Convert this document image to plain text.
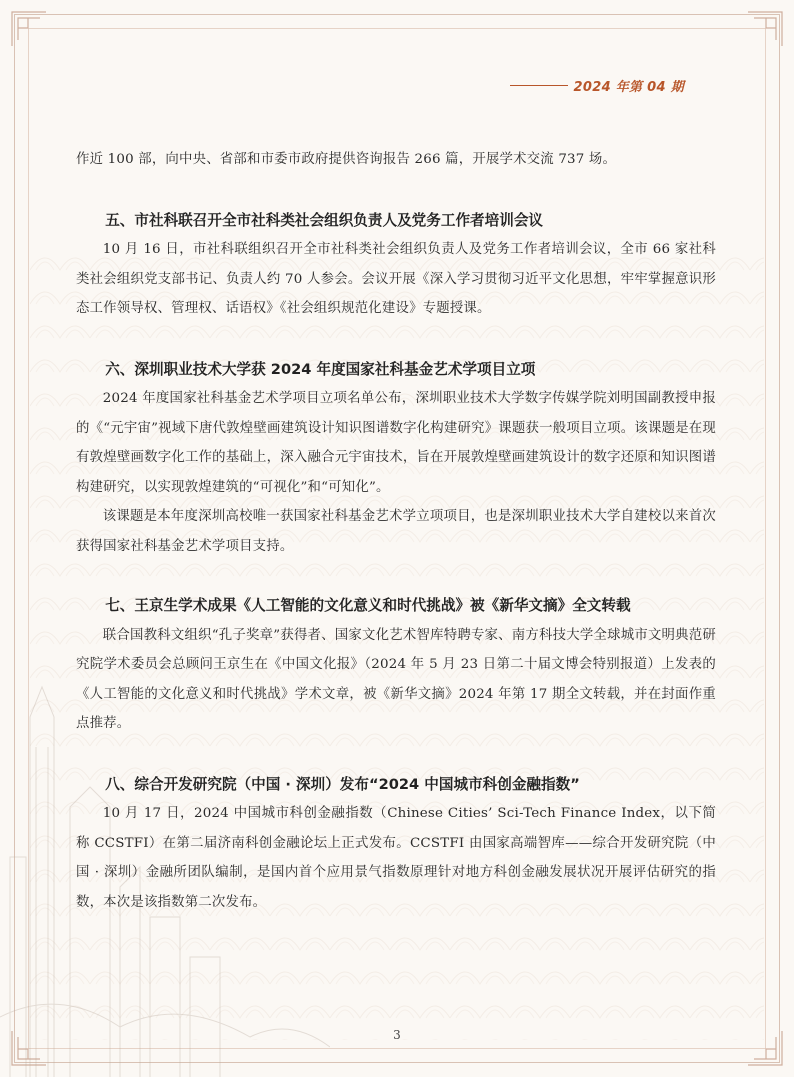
2024 年第 04 期

作近 100 部，向中央、省部和市委市政府提供咨询报告 266 篇，开展学术交流 737 场。

五、市社科联召开全市社科类社会组织负责人及党务工作者培训会议

10 月 16 日，市社科联组织召开全市社科类社会组织负责人及党务工作者培训会议，全市 66 家社科类社会组织党支部书记、负责人约 70 人参会。会议开展《深入学习贯彻习近平文化思想，牢牢掌握意识形态工作领导权、管理权、话语权》《社会组织规范化建设》专题授课。

六、深圳职业技术大学获 2024 年度国家社科基金艺术学项目立项

2024 年度国家社科基金艺术学项目立项名单公布，深圳职业技术大学数字传媒学院刘明国副教授申报的《“元宇宙”视域下唐代敦煌壁画建筑设计知识图谱数字化构建研究》课题获一般项目立项。该课题是在现有敦煌壁画数字化工作的基础上，深入融合元宇宙技术，旨在开展敦煌壁画建筑设计的数字还原和知识图谱构建研究，以实现敦煌建筑的“可视化”和“可知化”。

该课题是本年度深圳高校唯一获国家社科基金艺术学立项项目，也是深圳职业技术大学自建校以来首次获得国家社科基金艺术学项目支持。

七、王京生学术成果《人工智能的文化意义和时代挑战》被《新华文摘》全文转载

联合国教科文组织“孔子奖章”获得者、国家文化艺术智库特聘专家、南方科技大学全球城市文明典范研究院学术委员会总顾问王京生在《中国文化报》（2024 年 5 月 23 日第二十届文博会特别报道）上发表的《人工智能的文化意义和时代挑战》学术文章，被《新华文摘》2024 年第 17 期全文转载，并在封面作重点推荐。

八、综合开发研究院（中国 · 深圳）发布“2024 中国城市科创金融指数”

10 月 17 日，2024 中国城市科创金融指数（Chinese Cities’ Sci-Tech Finance Index，以下简称 CCSTFI）在第二届济南科创金融论坛上正式发布。CCSTFI 由国家高端智库——综合开发研究院（中国 · 深圳）金融所团队编制，是国内首个应用景气指数原理针对地方科创金融发展状况开展评估研究的指数，本次是该指数第二次发布。

3
